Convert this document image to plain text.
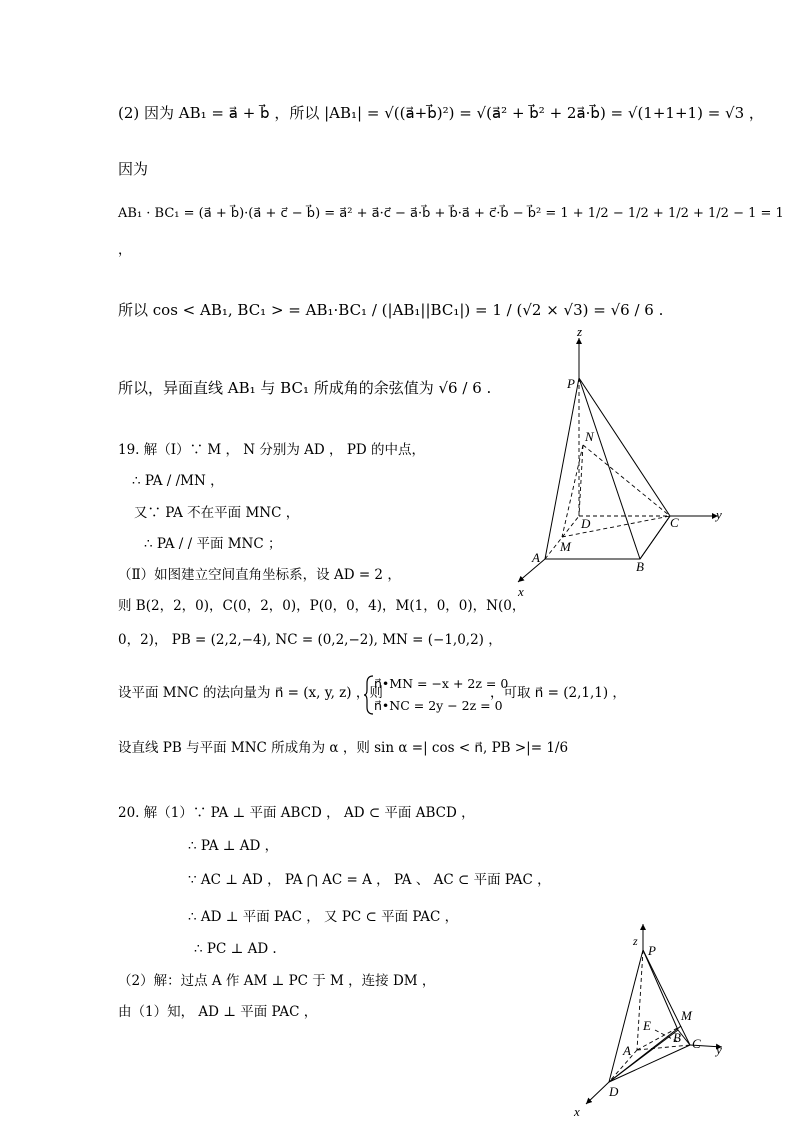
(2) 因为 AB₁ = a⃗ + b⃗ ，所以 |AB₁| = √((a⃗+b⃗)²) = √(a⃗² + b⃗² + 2a⃗·b⃗) = √(1+1+1) = √3 ，
因为
AB₁ · BC₁ = (a⃗ + b⃗)·(a⃗ + c⃗ − b⃗) = a⃗² + a⃗·c⃗ − a⃗·b⃗ + b⃗·a⃗ + c⃗·b⃗ − b⃗² = 1 + 1/2 − 1/2 + 1/2 + 1/2 − 1 = 1
，
所以 cos < AB₁, BC₁ > = AB₁·BC₁ / (|AB₁||BC₁|) = 1 / (√2 × √3) = √6 / 6 .
所以，异面直线 AB₁ 与 BC₁ 所成角的余弦值为 √6 / 6 .
19. 解（Ⅰ）∵ M ， N 分别为 AD ， PD 的中点，
∴ PA / /MN ，
又∵ PA 不在平面 MNC ，
∴ PA / / 平面 MNC ；
（Ⅱ）如图建立空间直角坐标系，设 AD = 2 ，
则 B(2，2，0)，C(0，2，0)，P(0，0，4)，M(1，0，0)，N(0，
0，2)， PB = (2,2,−4), NC = (0,2,−2), MN = (−1,0,2) ，
设平面 MNC 的法向量为 n⃗ = (x, y, z) ，则
n⃗•MN = −x + 2z = 0
n⃗•NC = 2y − 2z = 0
，可取 n⃗ = (2,1,1) ，
设直线 PB 与平面 MNC 所成角为 α ，则 sin α =| cos < n⃗, PB >|= 1/6
20. 解（1）∵ PA ⊥ 平面 ABCD ， AD ⊂ 平面 ABCD ，
∴ PA ⊥ AD ，
∵ AC ⊥ AD ， PA ⋂ AC = A ， PA 、 AC ⊂ 平面 PAC ，
∴ AD ⊥ 平面 PAC ， 又 PC ⊂ 平面 PAC ，
∴ PC ⊥ AD .
（2）解：过点 A 作 AM ⊥ PC 于 M ，连接 DM ，
由（1）知， AD ⊥ 平面 PAC ，
z
P
N
D	C
y
A
M
B
x
z
P
M
E
B C y
A
D
x
